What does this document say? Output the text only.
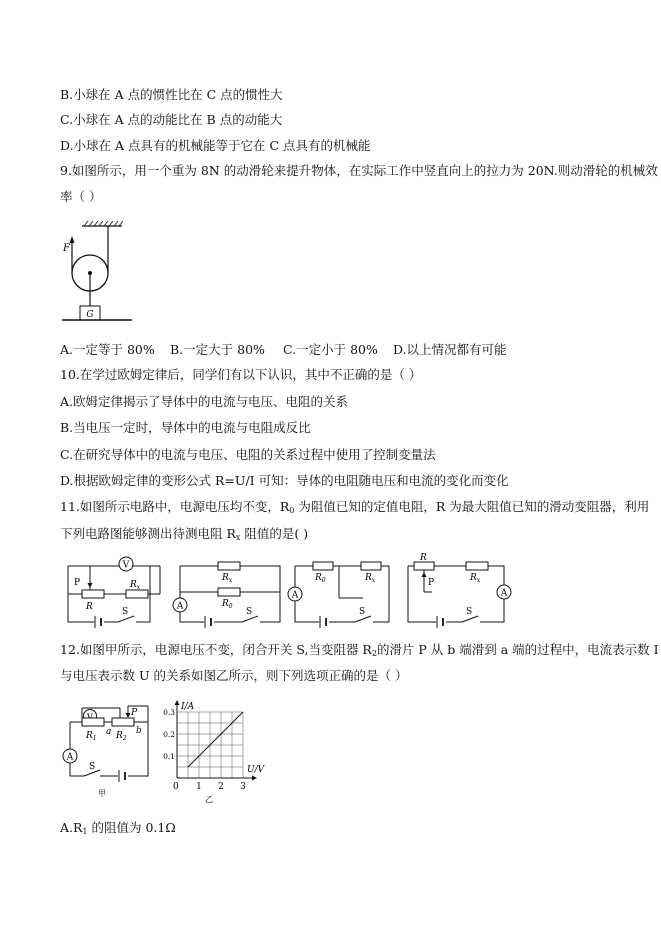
B.小球在 A 点的惯性比在 C 点的惯性大
C.小球在 A 点的动能比在 B 点的动能大
D.小球在 A 点具有的机械能等于它在 C 点具有的机械能
9.如图所示，用一个重为 8N 的动滑轮来提升物体，在实际工作中竖直向上的拉力为 20N.则动滑轮的机械效
率（ ）
F
G
A.一定等于 80% B.一定大于 80% C.一定小于 80% D.以上情况都有可能
10.在学过欧姆定律后，同学们有以下认识，其中不正确的是（ ）
A.欧姆定律揭示了导体中的电流与电压、电阻的关系
B.当电压一定时，导体中的电流与电阻成反比
C.在研究导体中的电流与电压、电阻的关系过程中使用了控制变量法
D.根据欧姆定律的变形公式 R=U/I 可知：导体的电阻随电压和电流的变化而变化
11.如图所示电路中，电源电压均不变，$R_0$ 为阻值已知的定值电阻，R 为最大阻值已知的滑动变阻器，利用
下列电路图能够测出待测电阻 $R_x$ 阻值的是( )
V
P
R
$R_x$
S
$R_x$
$R_0$
A
S
$R_0$	$R_x$
A
S
R
P	$R_x$
A
S
12.如图甲所示，电源电压不变，闭合开关 S,当变阻器 $R_2$的滑片 P 从 b 端滑到 a 端的过程中，电流表示数 I
与电压表示数 U 的关系如图乙所示，则下列选项正确的是（ ）
P
$R_1$ $R_2$
a	b
A
S
甲
1 2 3
0.1
0.2
0.3
I/A
U/V
0
乙
$A.R_1$ 的阻值为 0.1Ω
